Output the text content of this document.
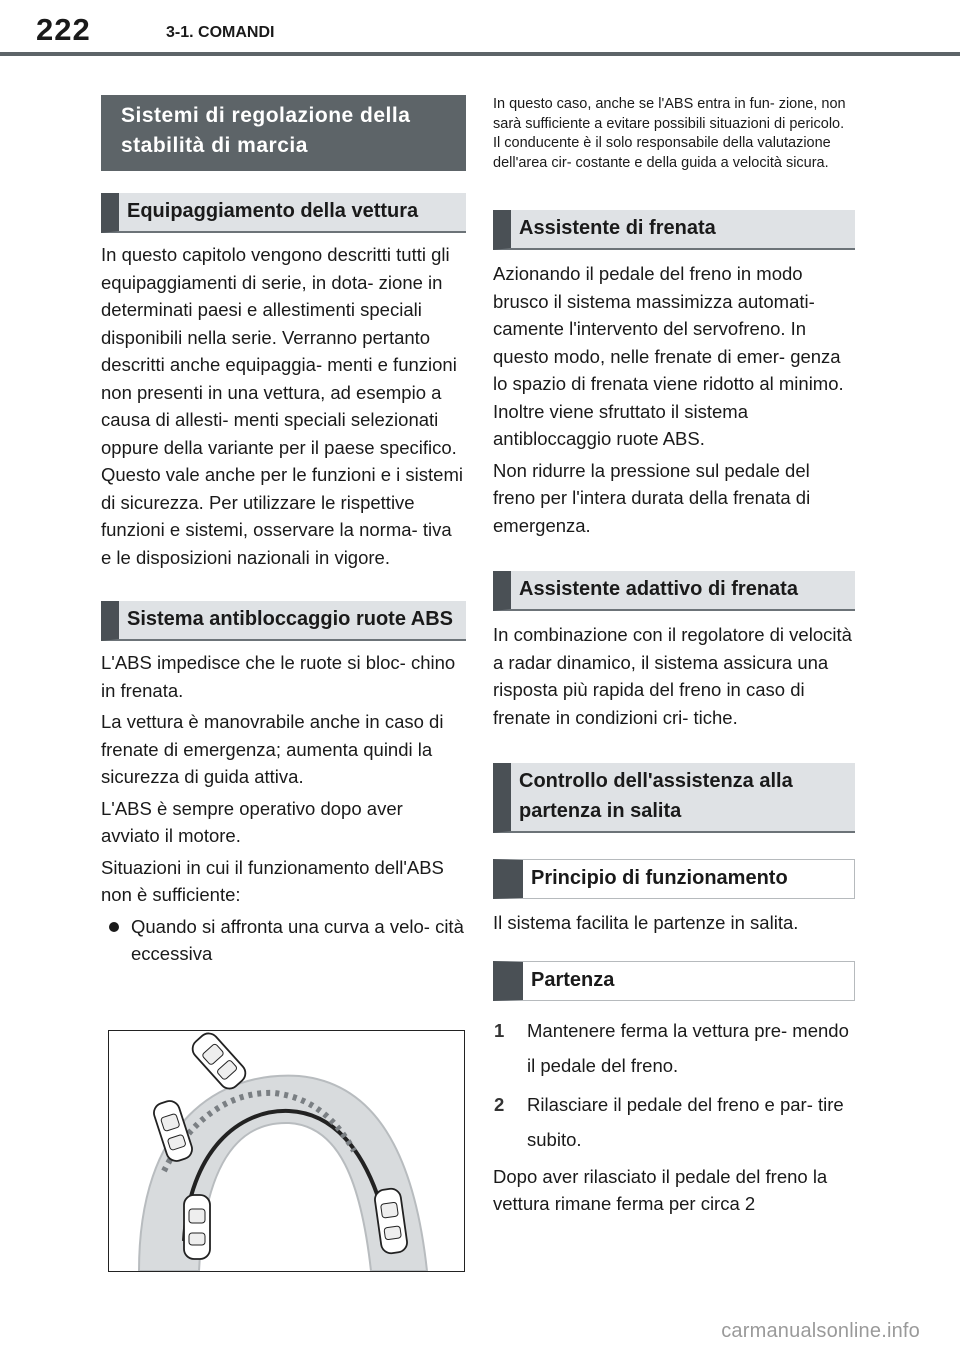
222	3-1. COMANDI
Sistemi di regolazione della stabilità di marcia
Equipaggiamento della vettura

In questo capitolo vengono descritti tutti gli equipaggiamenti di serie, in dota- zione in determinati paesi e allestimenti speciali disponibili nella serie. Verranno pertanto descritti anche equipaggia- menti e funzioni non presenti in una vettura, ad esempio a causa di allesti- menti speciali selezionati oppure della variante per il paese specifico. Questo vale anche per le funzioni e i sistemi di sicurezza. Per utilizzare le rispettive funzioni e sistemi, osservare la norma- tiva e le disposizioni nazionali in vigore.

Sistema antibloccaggio ruote ABS

L'ABS impedisce che le ruote si bloc- chino in frenata.

La vettura è manovrabile anche in caso di frenate di emergenza; aumenta quindi la sicurezza di guida attiva.

L'ABS è sempre operativo dopo aver avviato il motore.

Situazioni in cui il funzionamento dell'ABS non è sufficiente:

Quando si affronta una curva a velo- cità eccessiva

In questo caso, anche se l'ABS entra in fun- zione, non sarà sufficiente a evitare possibili situazioni di pericolo. Il conducente è il solo responsabile della valutazione dell'area cir- costante e della guida a velocità sicura.

Assistente di frenata

Azionando il pedale del freno in modo brusco il sistema massimizza automati- camente l'intervento del servofreno. In questo modo, nelle frenate di emer- genza lo spazio di frenata viene ridotto al minimo. Inoltre viene sfruttato il sistema antibloccaggio ruote ABS.

Non ridurre la pressione sul pedale del freno per l'intera durata della frenata di emergenza.

Assistente adattivo di frenata

In combinazione con il regolatore di velocità a radar dinamico, il sistema assicura una risposta più rapida del freno in caso di frenate in condizioni cri- tiche.

Controllo dell'assistenza alla partenza in salita
Principio di funzionamento

Il sistema facilita le partenze in salita.

Partenza
1 Mantenere ferma la vettura pre- mendo il pedale del freno.
2 Rilasciare il pedale del freno e par- tire subito.

Dopo aver rilasciato il pedale del freno la vettura rimane ferma per circa 2

carmanualsonline.info
